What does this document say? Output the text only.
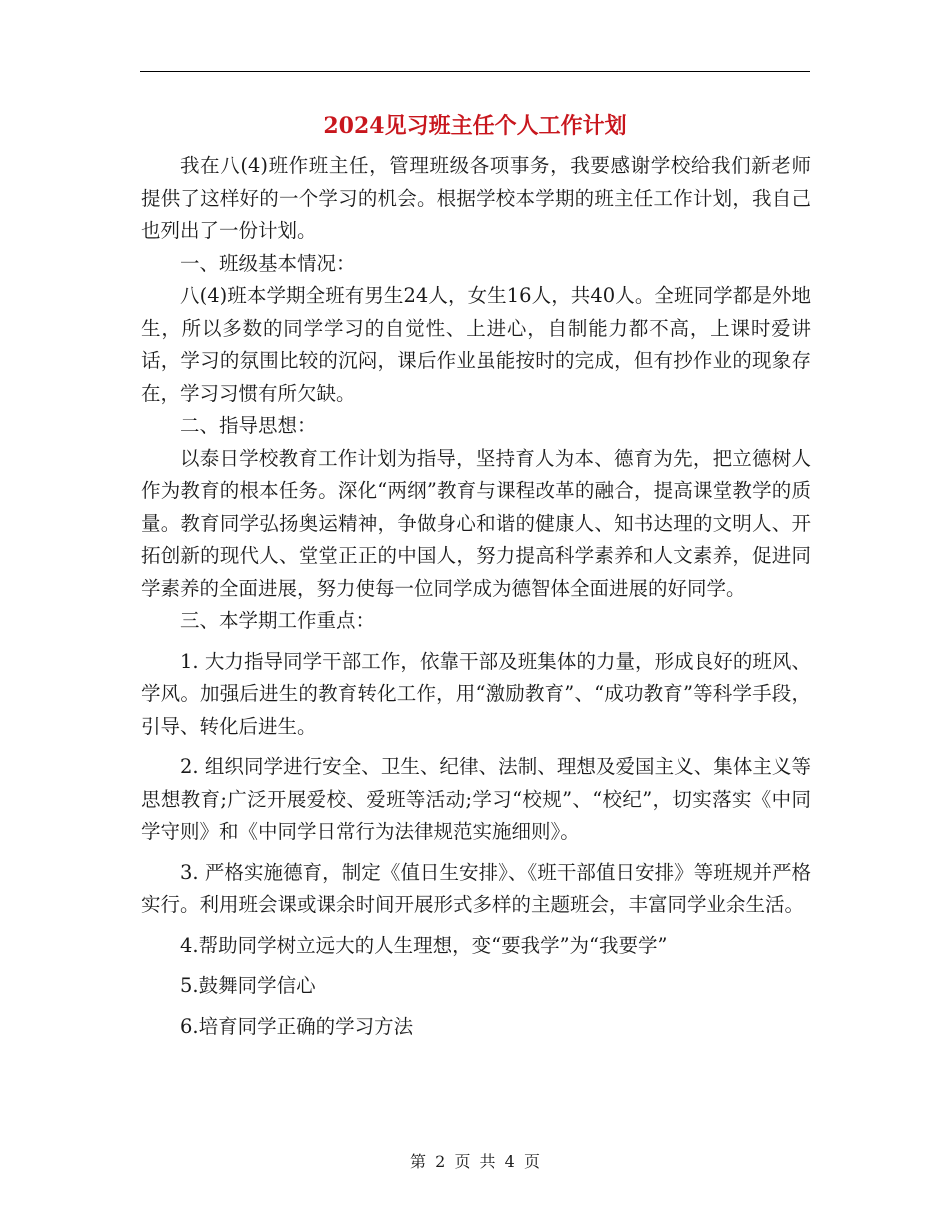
2024见习班主任个人工作计划

我在八(4)班作班主任，管理班级各项事务，我要感谢学校给我们新老师提供了这样好的一个学习的机会。根据学校本学期的班主任工作计划，我自己也列出了一份计划。

一、班级基本情况：

八(4)班本学期全班有男生24人，女生16人，共40人。全班同学都是外地生，所以多数的同学学习的自觉性、上进心，自制能力都不高，上课时爱讲话，学习的氛围比较的沉闷，课后作业虽能按时的完成，但有抄作业的现象存在，学习习惯有所欠缺。

二、指导思想：

以泰日学校教育工作计划为指导，坚持育人为本、德育为先，把立德树人作为教育的根本任务。深化“两纲”教育与课程改革的融合，提高课堂教学的质量。教育同学弘扬奥运精神，争做身心和谐的健康人、知书达理的文明人、开拓创新的现代人、堂堂正正的中国人，努力提高科学素养和人文素养，促进同学素养的全面进展，努力使每一位同学成为德智体全面进展的好同学。

三、本学期工作重点：

1. 大力指导同学干部工作，依靠干部及班集体的力量，形成良好的班风、学风。加强后进生的教育转化工作，用“激励教育”、“成功教育”等科学手段，引导、转化后进生。

2. 组织同学进行安全、卫生、纪律、法制、理想及爱国主义、集体主义等思想教育;广泛开展爱校、爱班等活动;学习“校规”、“校纪”，切实落实《中同学守则》和《中同学日常行为法律规范实施细则》。

3. 严格实施德育，制定《值日生安排》、《班干部值日安排》等班规并严格实行。利用班会课或课余时间开展形式多样的主题班会，丰富同学业余生活。

4.帮助同学树立远大的人生理想，变“要我学”为“我要学”

5.鼓舞同学信心

6.培育同学正确的学习方法

第 2 页 共 4 页
